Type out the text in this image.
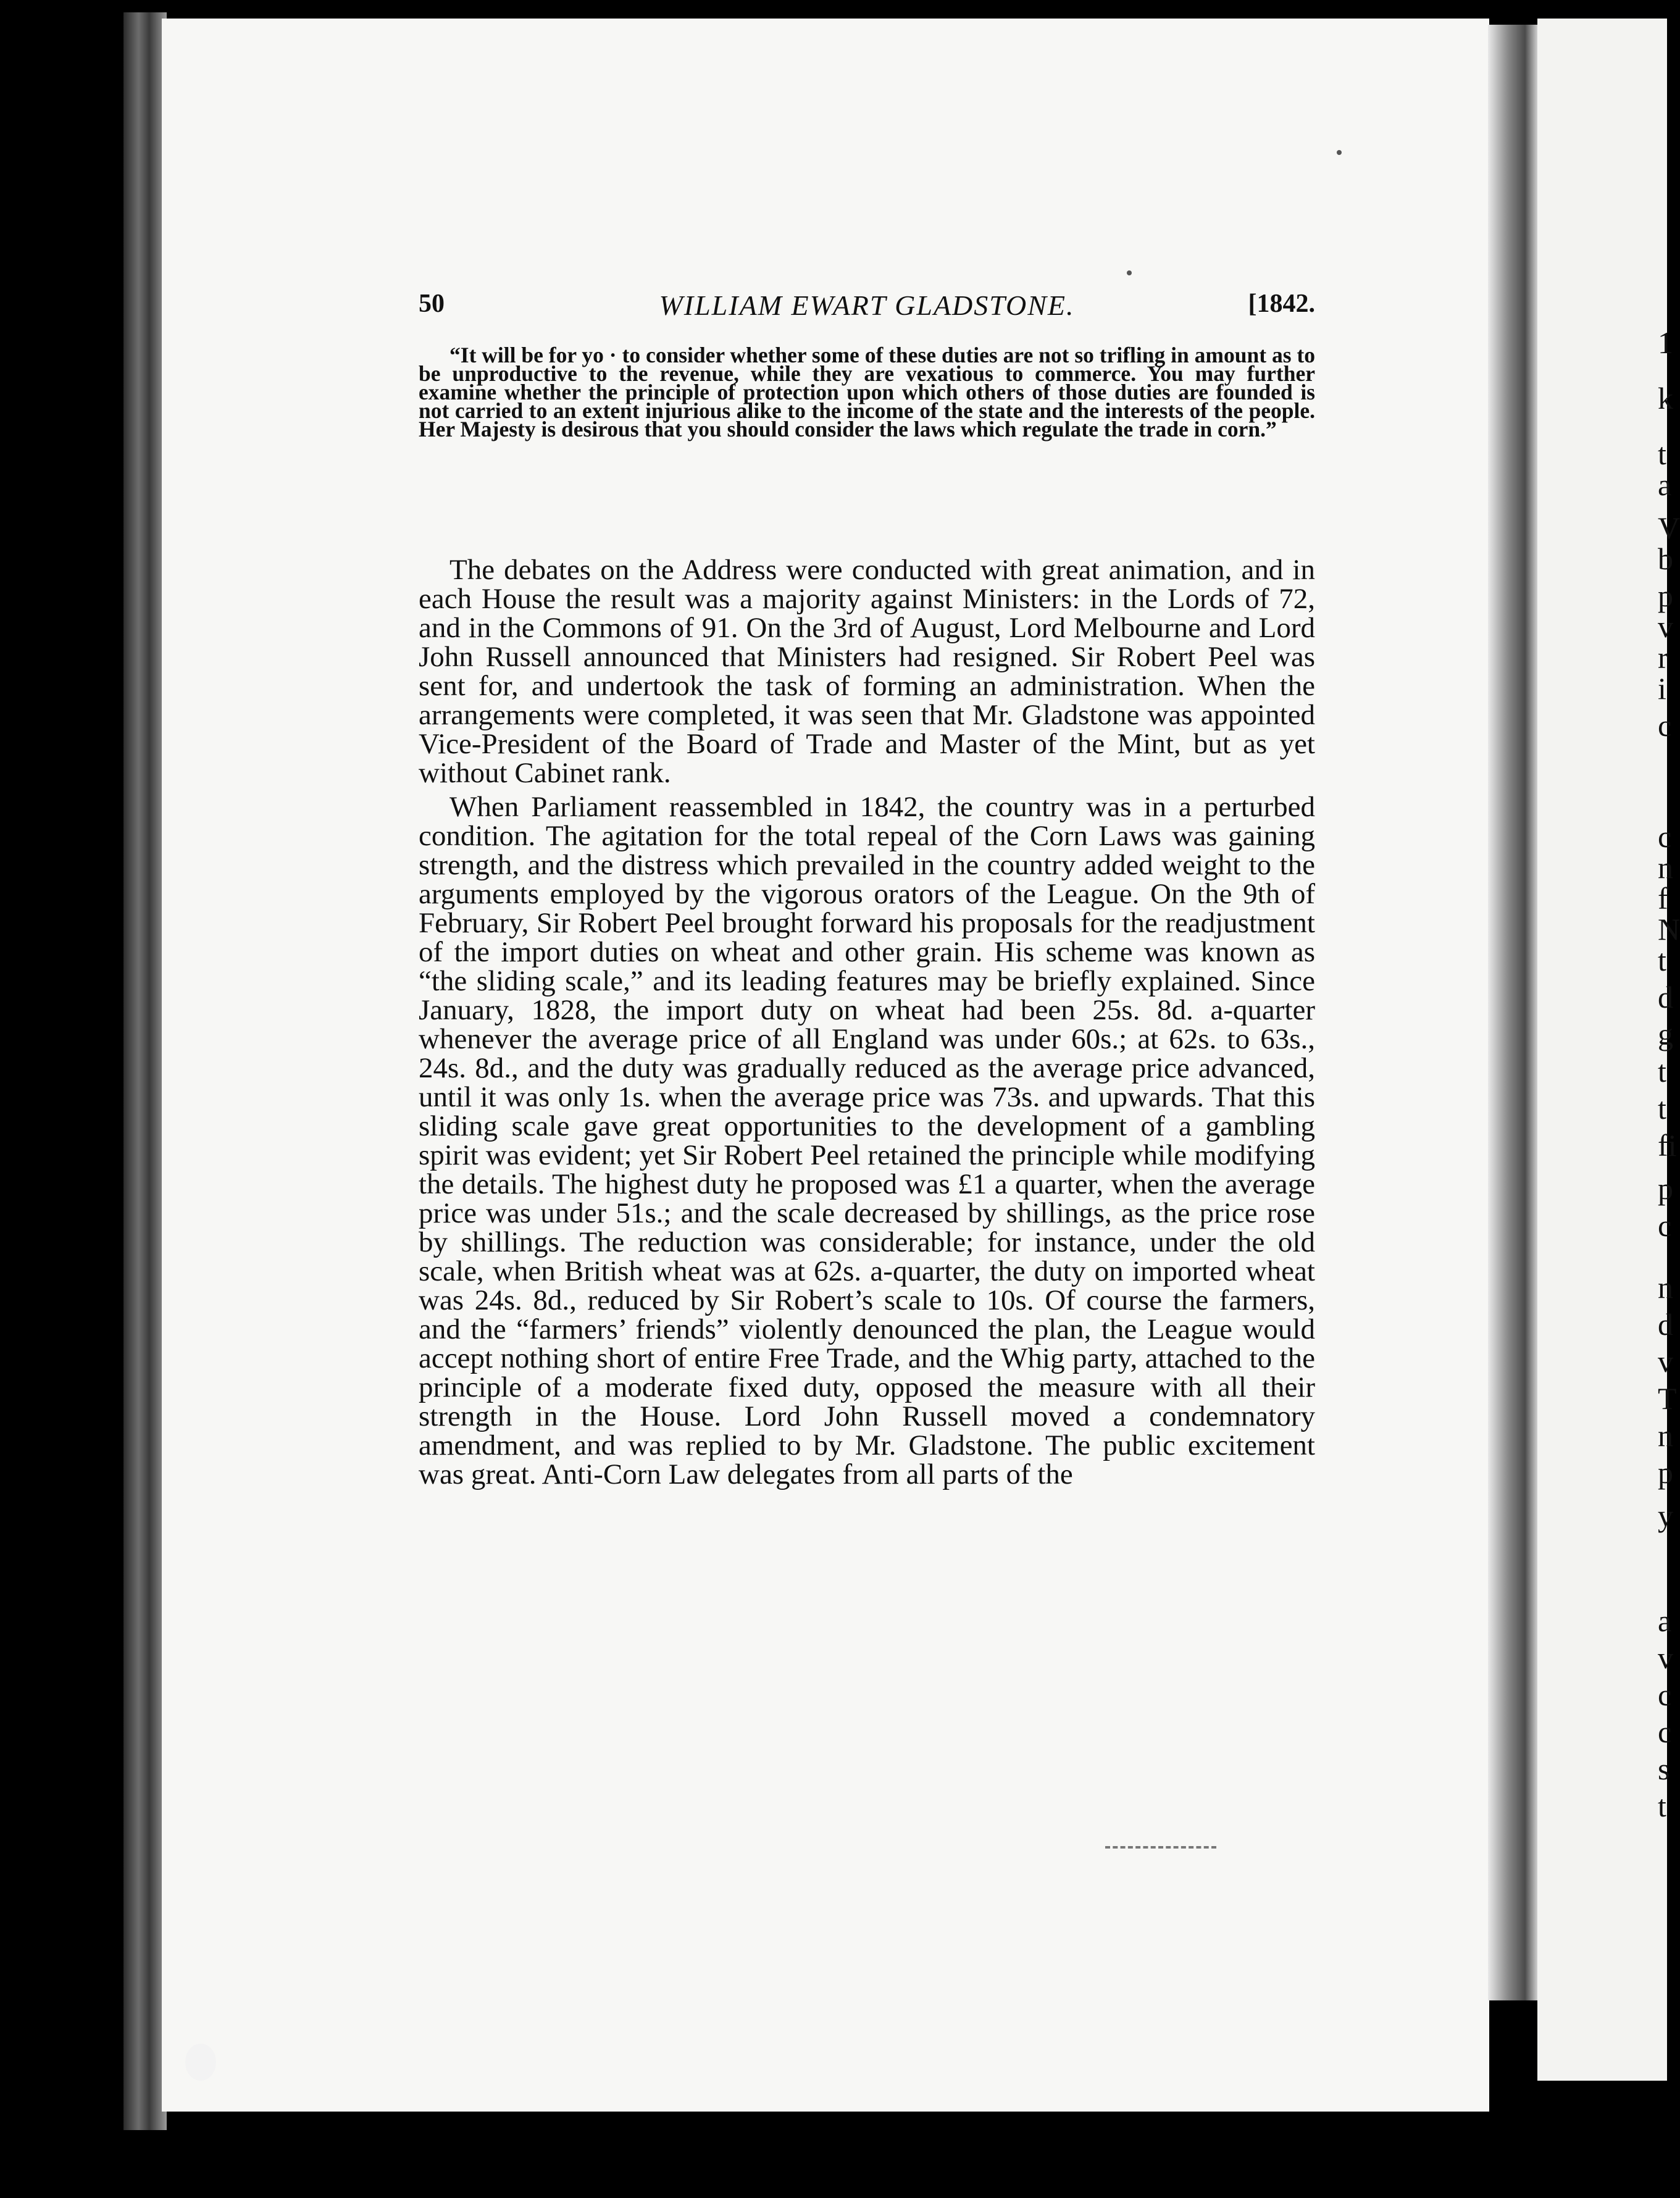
1
k
t
a
V
b
p
v
r
i
c
c
n
f
N
t
d
g
t
t
fi
p
c
n
d
v
T
n
p
y
a
v
c
c
s
t
50	WILLIAM EWART GLADSTONE.	[1842.

“It will be for yo · to consider whether some of these duties are not so trifling in amount as to be unproductive to the revenue, while they are vexatious to commerce. You may further examine whether the principle of protection upon which others of those duties are founded is not carried to an extent injurious alike to the income of the state and the interests of the people. Her Majesty is desirous that you should consider the laws which regulate the trade in corn.”

The debates on the Address were conducted with great animation, and in each House the result was a majority against Ministers: in the Lords of 72, and in the Commons of 91. On the 3rd of August, Lord Melbourne and Lord John Russell announced that Ministers had resigned. Sir Robert Peel was sent for, and undertook the task of forming an administration. When the arrangements were completed, it was seen that Mr. Gladstone was appointed Vice-President of the Board of Trade and Master of the Mint, but as yet without Cabinet rank.

When Parliament reassembled in 1842, the country was in a perturbed condition. The agitation for the total repeal of the Corn Laws was gaining strength, and the distress which prevailed in the country added weight to the arguments employed by the vigorous orators of the League. On the 9th of February, Sir Robert Peel brought forward his proposals for the readjustment of the import duties on wheat and other grain. His scheme was known as “the sliding scale,” and its leading features may be briefly explained. Since January, 1828, the import duty on wheat had been 25s. 8d. a-quarter whenever the average price of all England was under 60s.; at 62s. to 63s., 24s. 8d., and the duty was gradually reduced as the average price advanced, until it was only 1s. when the average price was 73s. and upwards. That this sliding scale gave great opportunities to the development of a gambling spirit was evident; yet Sir Robert Peel retained the principle while modifying the details. The highest duty he proposed was £1 a quarter, when the average price was under 51s.; and the scale decreased by shillings, as the price rose by shillings. The reduction was considerable; for instance, under the old scale, when British wheat was at 62s. a-quarter, the duty on imported wheat was 24s. 8d., reduced by Sir Robert’s scale to 10s. Of course the farmers, and the “farmers’ friends” violently denounced the plan, the League would accept nothing short of entire Free Trade, and the Whig party, attached to the principle of a moderate fixed duty, opposed the measure with all their strength in the House. Lord John Russell moved a condemnatory amendment, and was replied to by Mr. Gladstone. The public excitement was great. Anti-Corn Law delegates from all parts of the
